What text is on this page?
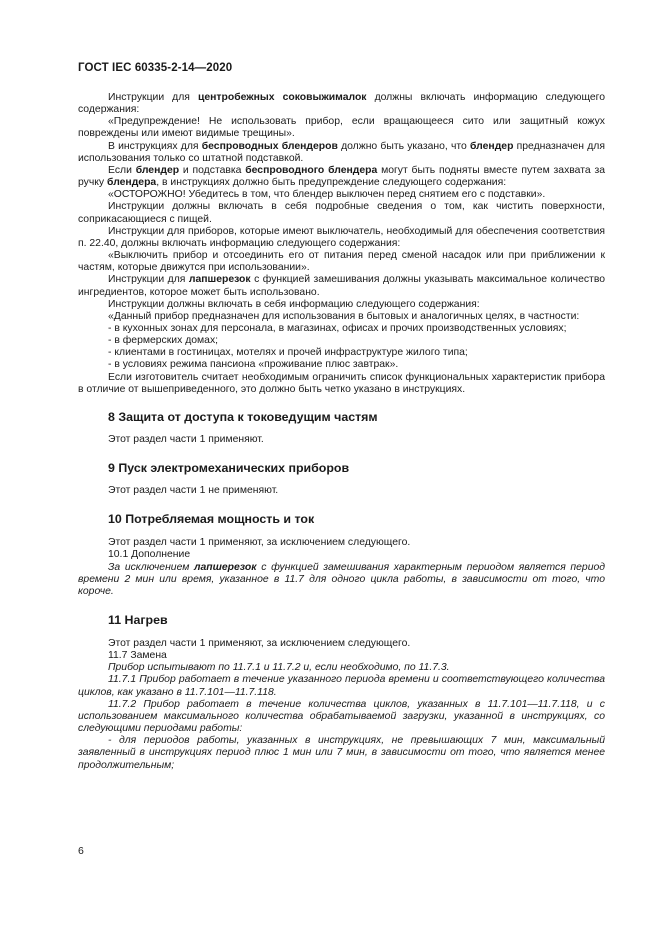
ГОСТ IEC 60335-2-14—2020

Инструкции для центробежных соковыжималок должны включать информацию следующего содержания:

«Предупреждение! Не использовать прибор, если вращающееся сито или защитный кожух повреждены или имеют видимые трещины».

В инструкциях для беспроводных блендеров должно быть указано, что блендер предназначен для использования только со штатной подставкой.

Если блендер и подставка беспроводного блендера могут быть подняты вместе путем захвата за ручку блендера, в инструкциях должно быть предупреждение следующего содержания:

«ОСТОРОЖНО! Убедитесь в том, что блендер выключен перед снятием его с подставки».

Инструкции должны включать в себя подробные сведения о том, как чистить поверхности, соприкасающиеся с пищей.

Инструкции для приборов, которые имеют выключатель, необходимый для обеспечения соответствия п. 22.40, должны включать информацию следующего содержания:

«Выключить прибор и отсоединить его от питания перед сменой насадок или при приближении к частям, которые движутся при использовании».

Инструкции для лапшерезок с функцией замешивания должны указывать максимальное количество ингредиентов, которое может быть использовано.

Инструкции должны включать в себя информацию следующего содержания:

«Данный прибор предназначен для использования в бытовых и аналогичных целях, в частности:

- в кухонных зонах для персонала, в магазинах, офисах и прочих производственных условиях;

- в фермерских домах;

- клиентами в гостиницах, мотелях и прочей инфраструктуре жилого типа;

- в условиях режима пансиона «проживание плюс завтрак».

Если изготовитель считает необходимым ограничить список функциональных характеристик прибора в отличие от вышеприведенного, это должно быть четко указано в инструкциях.

8 Защита от доступа к токоведущим частям

Этот раздел части 1 применяют.

9 Пуск электромеханических приборов

Этот раздел части 1 не применяют.

10 Потребляемая мощность и ток

Этот раздел части 1 применяют, за исключением следующего.

10.1 Дополнение

За исключением лапшерезок с функцией замешивания характерным периодом является период времени 2 мин или время, указанное в 11.7 для одного цикла работы, в зависимости от того, что короче.

11 Нагрев

Этот раздел части 1 применяют, за исключением следующего.

11.7 Замена

Прибор испытывают по 11.7.1 и 11.7.2 и, если необходимо, по 11.7.3.

11.7.1 Прибор работает в течение указанного периода времени и соответствующего количества циклов, как указано в 11.7.101—11.7.118.

11.7.2 Прибор работает в течение количества циклов, указанных в 11.7.101—11.7.118, и с использованием максимального количества обрабатываемой загрузки, указанной в инструкциях, со следующими периодами работы:

- для периодов работы, указанных в инструкциях, не превышающих 7 мин, максимальный заявленный в инструкциях период плюс 1 мин или 7 мин, в зависимости от того, что является менее продолжительным;

6
